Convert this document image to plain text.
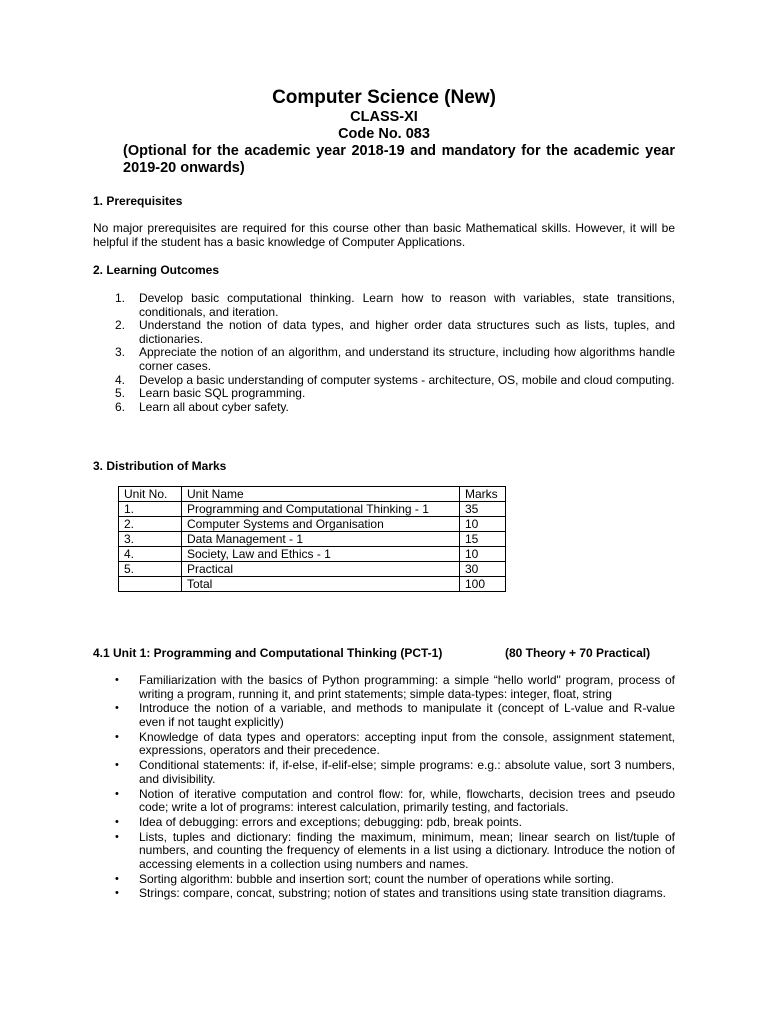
Computer Science (New)
CLASS-XI
Code No. 083
(Optional for the academic year 2018-19 and mandatory for the academic year 2019-20 onwards)
1. Prerequisites
No major prerequisites are required for this course other than basic Mathematical skills. However, it will be helpful if the student has a basic knowledge of Computer Applications.
2. Learning Outcomes
1. Develop basic computational thinking. Learn how to reason with variables, state transitions, conditionals, and iteration.
2. Understand the notion of data types, and higher order data structures such as lists, tuples, and dictionaries.
3. Appreciate the notion of an algorithm, and understand its structure, including how algorithms handle corner cases.
4. Develop a basic understanding of computer systems - architecture, OS, mobile and cloud computing.
5. Learn basic SQL programming.
6. Learn all about cyber safety.
3. Distribution of Marks
Unit No.	Unit Name	Marks
1.	Programming and Computational Thinking - 1	35
2.	Computer Systems and Organisation	10
3.	Data Management - 1	15
4.	Society, Law and Ethics - 1	10
5.	Practical	30
	Total	100
4.1 Unit 1: Programming and Computational Thinking (PCT-1)	(80 Theory + 70 Practical)
• Familiarization with the basics of Python programming: a simple “hello world" program, process of writing a program, running it, and print statements; simple data-types: integer, float, string
• Introduce the notion of a variable, and methods to manipulate it (concept of L-value and R-value even if not taught explicitly)
• Knowledge of data types and operators: accepting input from the console, assignment statement, expressions, operators and their precedence.
• Conditional statements: if, if-else, if-elif-else; simple programs: e.g.: absolute value, sort 3 numbers, and divisibility.
• Notion of iterative computation and control flow: for, while, flowcharts, decision trees and pseudo code; write a lot of programs: interest calculation, primarily testing, and factorials.
• Idea of debugging: errors and exceptions; debugging: pdb, break points.
• Lists, tuples and dictionary: finding the maximum, minimum, mean; linear search on list/tuple of numbers, and counting the frequency of elements in a list using a dictionary. Introduce the notion of accessing elements in a collection using numbers and names.
• Sorting algorithm: bubble and insertion sort; count the number of operations while sorting.
• Strings: compare, concat, substring; notion of states and transitions using state transition diagrams.
